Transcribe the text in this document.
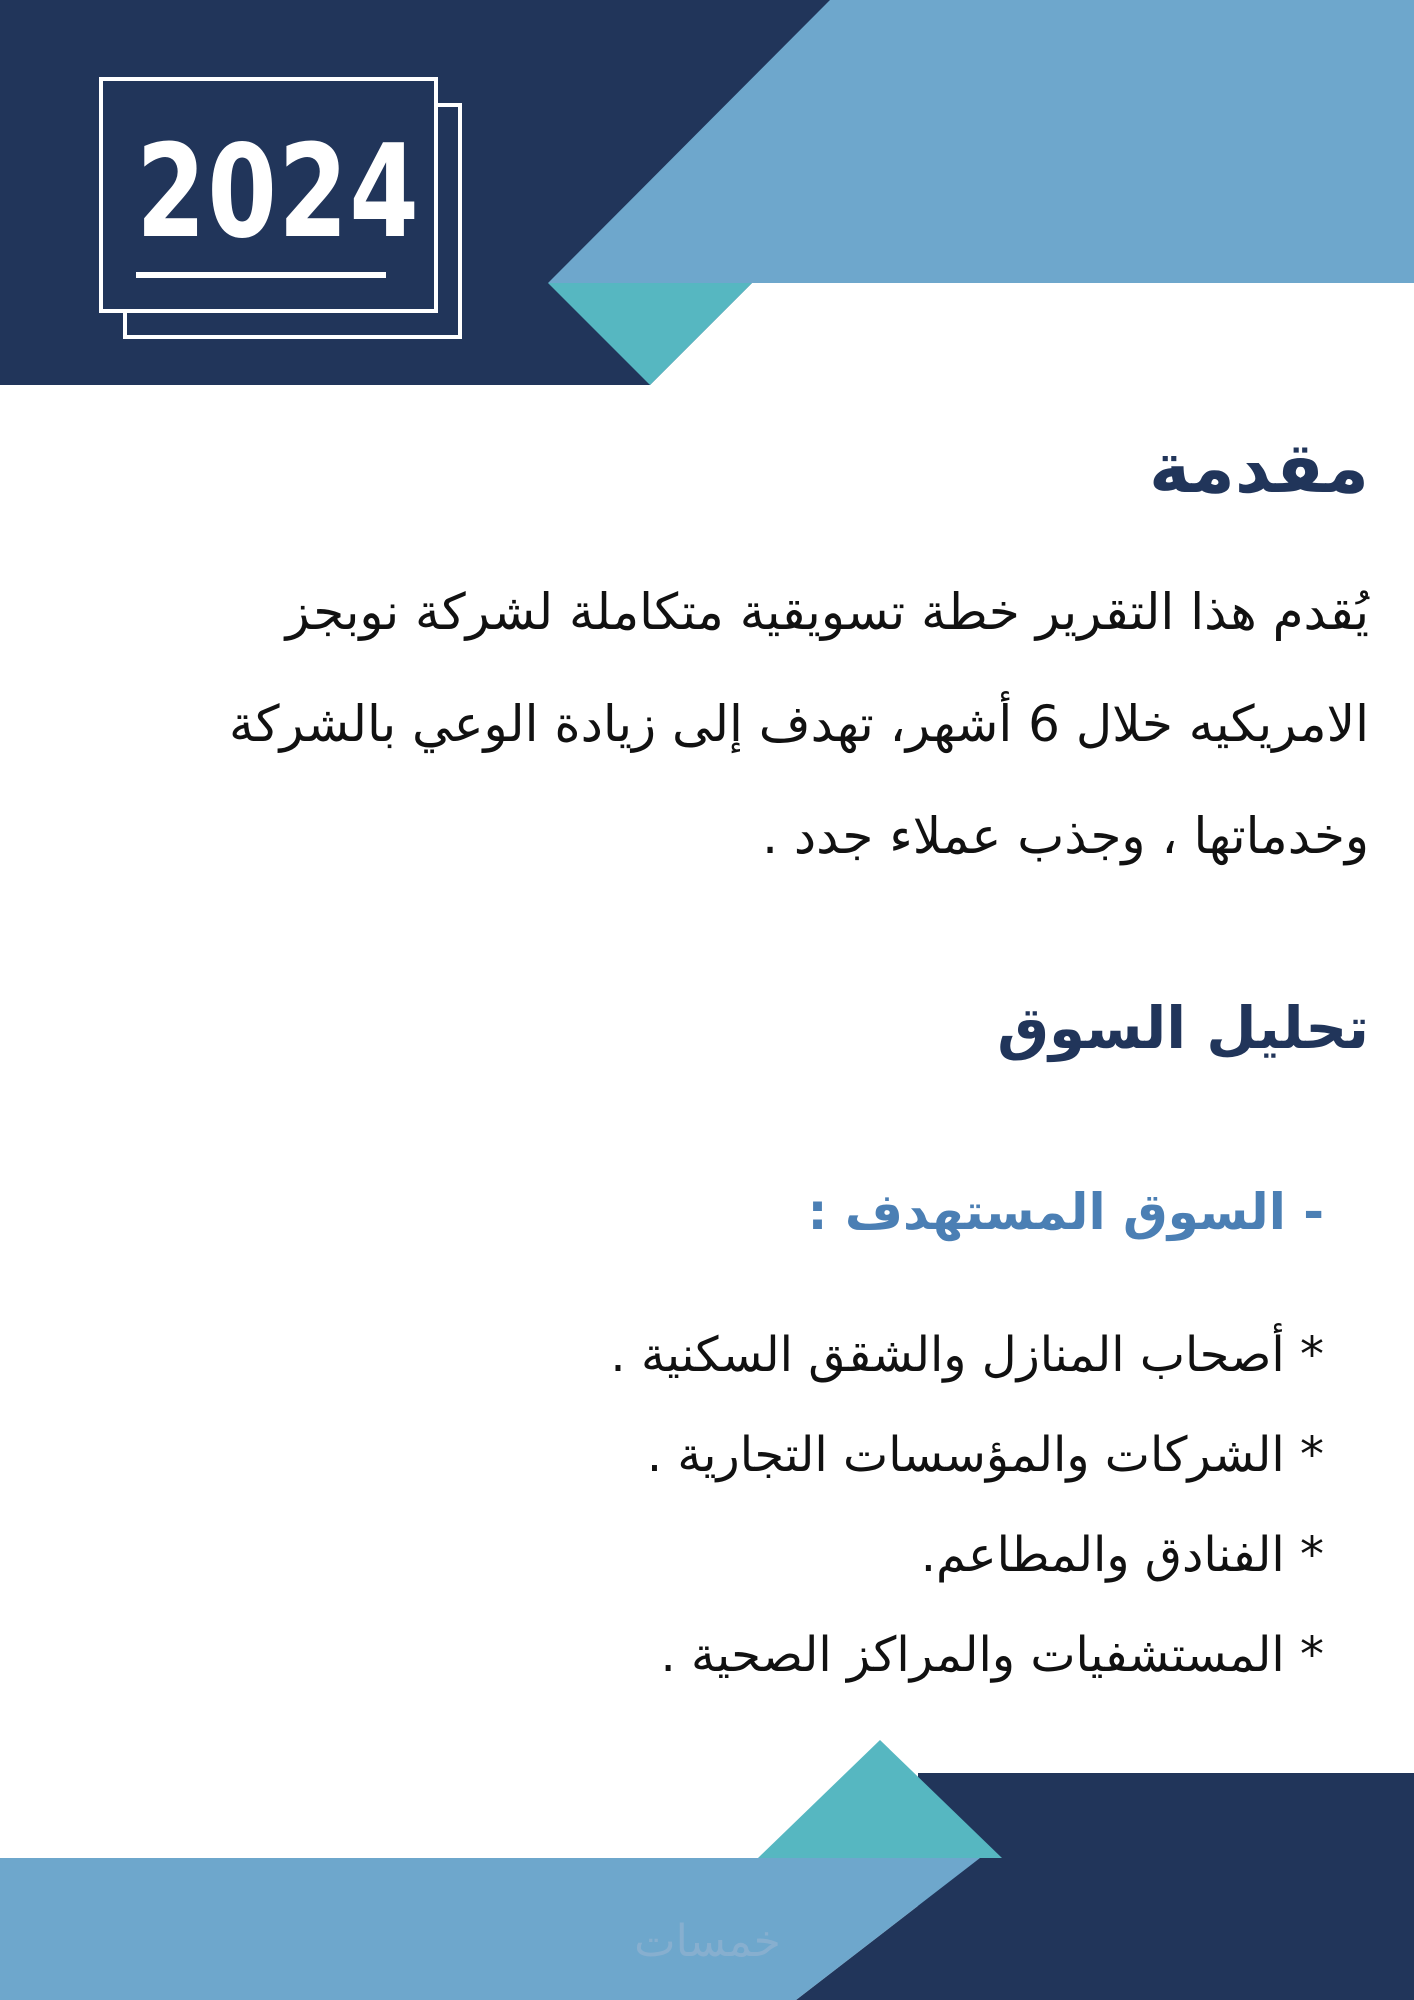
2024
مقدمة
يُقدم هذا التقرير خطة تسويقية متكاملة لشركة نوبجز الامريكيه خلال 6 أشهر، تهدف إلى زيادة الوعي بالشركة وخدماتها ، وجذب عملاء جدد .
تحليل السوق
- السوق المستهدف :
* أصحاب المنازل والشقق السكنية .
* الشركات والمؤسسات التجارية .
* الفنادق والمطاعم.
* المستشفيات والمراكز الصحية .
خمسات
